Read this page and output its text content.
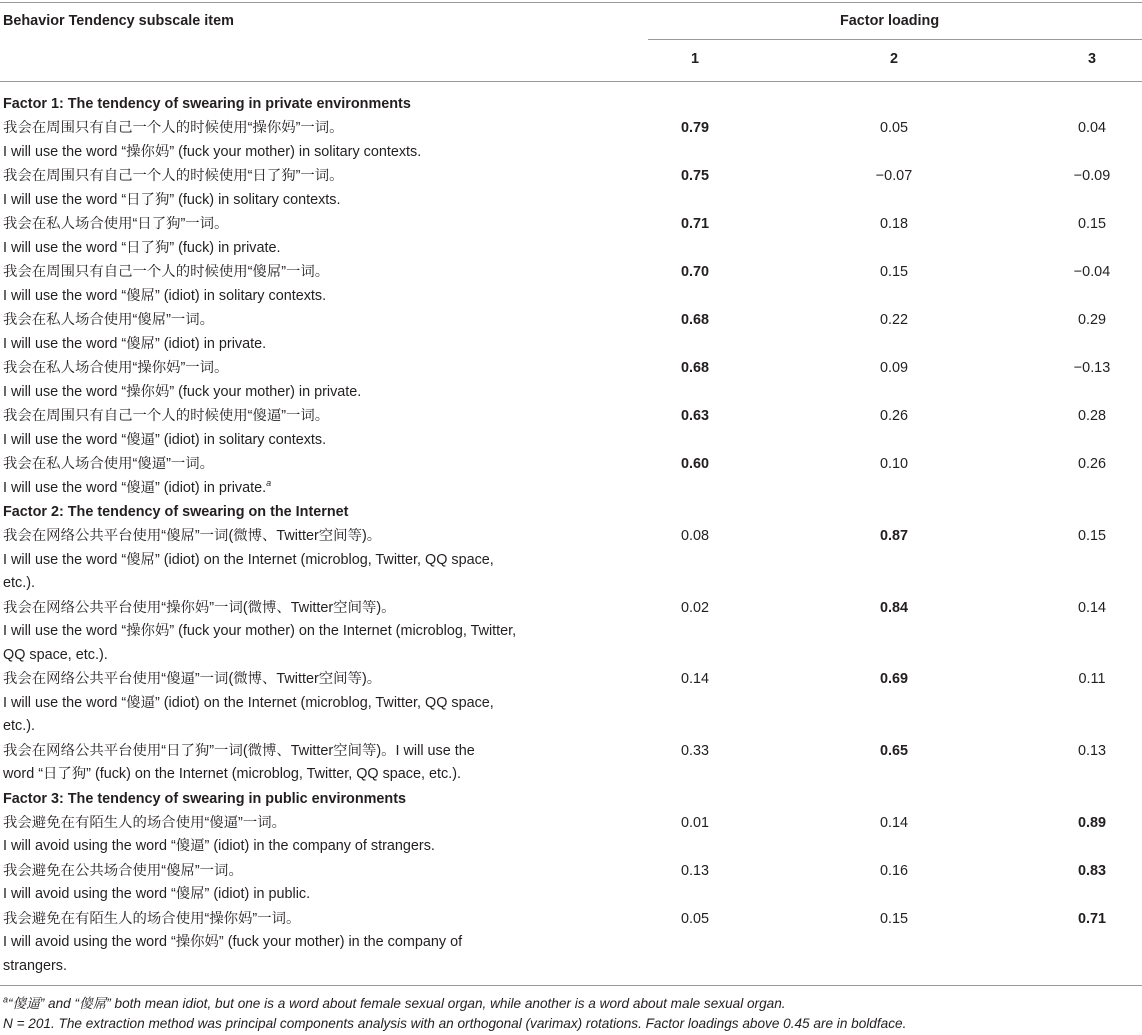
Behavior Tendency subscale item	Factor loading
1	2	3
Factor 1: The tendency of swearing in private environments
我会在周围只有自己一个人的时候使用“操你妈”一词。
I will use the word “操你妈” (fuck your mother) in solitary contexts.
0.79	0.05	0.04
我会在周围只有自己一个人的时候使用“日了狗”一词。
I will use the word “日了狗” (fuck) in solitary contexts.
0.75	−0.07	−0.09
我会在私人场合使用“日了狗”一词。
I will use the word “日了狗” (fuck) in private.
0.71	0.18	0.15
我会在周围只有自己一个人的时候使用“傻屌”一词。
I will use the word “傻屌” (idiot) in solitary contexts.
0.70	0.15	−0.04
我会在私人场合使用“傻屌”一词。
I will use the word “傻屌” (idiot) in private.
0.68	0.22	0.29
我会在私人场合使用“操你妈”一词。
I will use the word “操你妈” (fuck your mother) in private.
0.68	0.09	−0.13
我会在周围只有自己一个人的时候使用“傻逼”一词。
I will use the word “傻逼” (idiot) in solitary contexts.
0.63	0.26	0.28
我会在私人场合使用“傻逼”一词。
I will use the word “傻逼” (idiot) in private.$^a$
0.60	0.10	0.26
Factor 2: The tendency of swearing on the Internet
我会在网络公共平台使用“傻屌”一词(微博、Twitter空间等)。
I will use the word “傻屌” (idiot) on the Internet (microblog, Twitter, QQ space,
etc.).
0.08	0.87	0.15
我会在网络公共平台使用“操你妈”一词(微博、Twitter空间等)。
I will use the word “操你妈” (fuck your mother) on the Internet (microblog, Twitter,
QQ space, etc.).
0.02	0.84	0.14
我会在网络公共平台使用“傻逼”一词(微博、Twitter空间等)。
I will use the word “傻逼” (idiot) on the Internet (microblog, Twitter, QQ space,
etc.).
0.14	0.69	0.11
我会在网络公共平台使用“日了狗”一词(微博、Twitter空间等)。I will use the
word “日了狗” (fuck) on the Internet (microblog, Twitter, QQ space, etc.).
0.33	0.65	0.13
Factor 3: The tendency of swearing in public environments
我会避免在有陌生人的场合使用“傻逼”一词。
I will avoid using the word “傻逼” (idiot) in the company of strangers.
0.01	0.14	0.89
我会避免在公共场合使用“傻屌”一词。
I will avoid using the word “傻屌” (idiot) in public.
0.13	0.16	0.83
我会避免在有陌生人的场合使用“操你妈”一词。
I will avoid using the word “操你妈” (fuck your mother) in the company of
strangers.
0.05	0.15	0.71
$^a$“傻逼” and “傻屌” both mean idiot, but one is a word about female sexual organ, while another is a word about male sexual organ.
N = 201. The extraction method was principal components analysis with an orthogonal (varimax) rotations. Factor loadings above 0.45 are in boldface.
